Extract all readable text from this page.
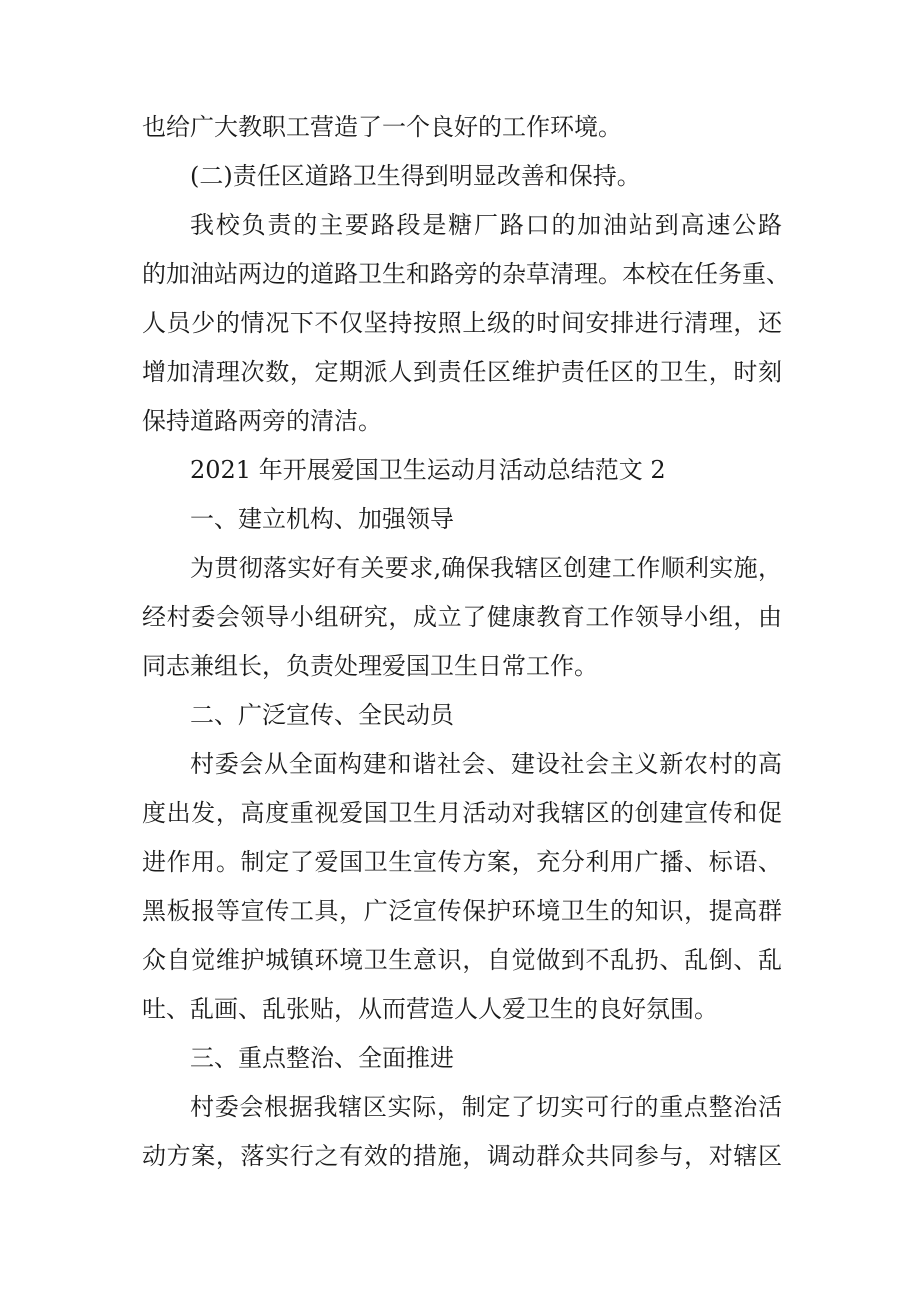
也给广大教职工营造了一个良好的工作环境。
(二)责任区道路卫生得到明显改善和保持。
我校负责的主要路段是糖厂路口的加油站到高速公路
的加油站两边的道路卫生和路旁的杂草清理。本校在任务重、
人员少的情况下不仅坚持按照上级的时间安排进行清理，还
增加清理次数，定期派人到责任区维护责任区的卫生，时刻
保持道路两旁的清洁。
2021 年开展爱国卫生运动月活动总结范文 2
一、建立机构、加强领导
为贯彻落实好有关要求,确保我辖区创建工作顺利实施，
经村委会领导小组研究，成立了健康教育工作领导小组，由
同志兼组长，负责处理爱国卫生日常工作。
二、广泛宣传、全民动员
村委会从全面构建和谐社会、建设社会主义新农村的高
度出发，高度重视爱国卫生月活动对我辖区的创建宣传和促
进作用。制定了爱国卫生宣传方案，充分利用广播、标语、
黑板报等宣传工具，广泛宣传保护环境卫生的知识，提高群
众自觉维护城镇环境卫生意识，自觉做到不乱扔、乱倒、乱
吐、乱画、乱张贴，从而营造人人爱卫生的良好氛围。
三、重点整治、全面推进
村委会根据我辖区实际，制定了切实可行的重点整治活
动方案，落实行之有效的措施，调动群众共同参与，对辖区
